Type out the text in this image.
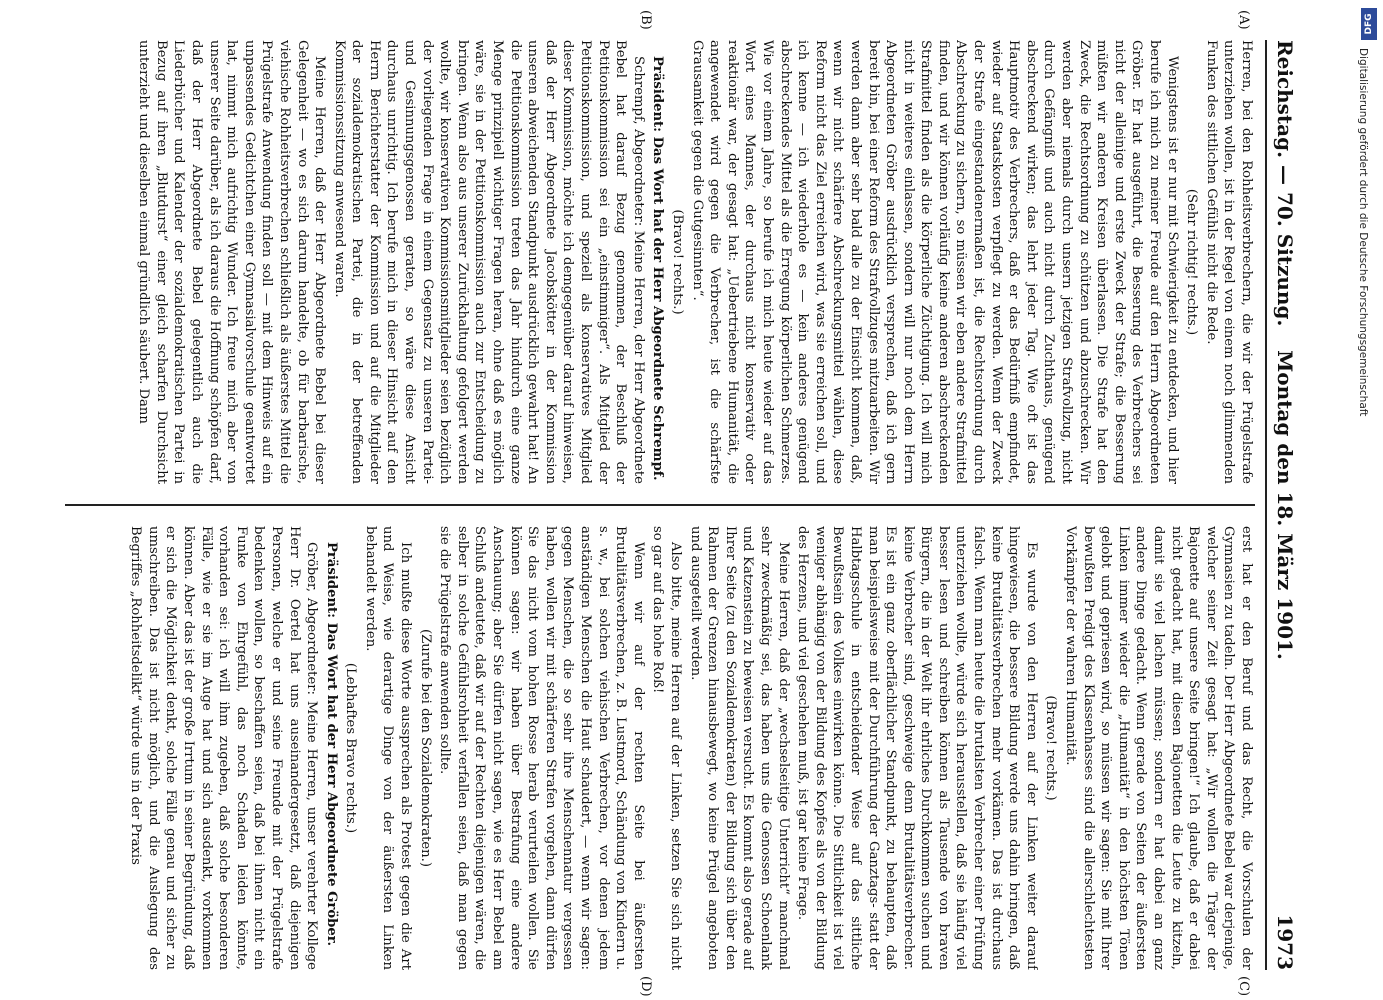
Reichstag. — 70. Sitzung.
Montag den 18. März 1901.
1973
(A)
(B)
(C)
(D)

Herren, bei den Rohheitsverbrechern, die wir der Prügelstrafe unterziehen wollen, ist in der Regel von einem noch glimmenden Funken des sittlichen Gefühls nicht die Rede.

(Sehr richtig! rechts.)

Wenigstens ist er nur mit Schwierigkeit zu entdecken, und hier berufe ich mich zu meiner Freude auf den Herrn Abgeordneten Gröber. Er hat ausgeführt, die Besserung des Verbrechers sei nicht der alleinige und erste Zweck der Strafe; die Besserung müßten wir anderen Kreisen überlassen. Die Strafe hat den Zweck, die Rechtsordnung zu schützen und abzuschrecken. Wir werden aber niemals durch unsern jetzigen Strafvollzug, nicht durch Gefängniß und auch nicht durch Zuchthaus, genügend abschreckend wirken; das lehrt jeder Tag. Wie oft ist das Hauptmotiv des Verbrechers, daß er das Bedürfniß empfindet, wieder auf Staatskosten verpflegt zu werden. Wenn der Zweck der Strafe eingestandenermaßen ist, die Rechtsordnung durch Abschreckung zu sichern, so müssen wir eben andere Strafmittel finden, und wir können vorläufig keine anderen abschreckenden Strafmittel finden als die körperliche Züchtigung. Ich will mich nicht in weiteres einlassen, sondern will nur noch dem Herrn Abgeordneten Gröber ausdrücklich versprechen, daß ich gern bereit bin, bei einer Reform des Strafvollzuges mitzuarbeiten. Wir werden dann aber sehr bald alle zu der Einsicht kommen, daß, wenn wir nicht schärfere Abschreckungsmittel wählen, diese Reform nicht das Ziel erreichen wird, was sie erreichen soll, und ich kenne — ich wiederhole es — kein anderes genügend abschreckendes Mittel als die Erregung körperlichen Schmerzes. Wie vor einem Jahre, so berufe ich mich heute wieder auf das Wort eines Mannes, der durchaus nicht konservativ oder reaktionär war, der gesagt hat: „Uebertriebene Humanität, die angewendet wird gegen die Verbrecher, ist die schärfste Grausamkeit gegen die Gutgesinnten“.

(Bravo! rechts.)

Präsident: Das Wort hat der Herr Abgeordnete Schrempf.

Schrempf, Abgeordneter: Meine Herren, der Herr Abgeordnete Bebel hat darauf Bezug genommen, der Beschluß der Petitionskommission sei ein „einstimmiger“. Als Mitglied der Petitionskommission, und speziell als konservatives Mitglied dieser Kommission, möchte ich demgegenüber darauf hinweisen, daß der Herr Abgeordnete Jacobskötter in der Kommission unseren abweichenden Standpunkt ausdrücklich gewahrt hat! An die Petitionskommission treten das Jahr hindurch eine ganze Menge prinzipiell wichtiger Fragen heran, ohne daß es möglich wäre, sie in der Petitionskommission auch zur Entscheidung zu bringen. Wenn also aus unserer Zurückhaltung gefolgert werden wollte, wir konservativen Kommissionsmitglieder seien bezüglich der vorliegenden Frage in einem Gegensatz zu unseren Partei- und Gesinnungsgenossen geraten, so wäre diese Ansicht durchaus unrichtig. Ich berufe mich in dieser Hinsicht auf den Herrn Berichterstatter der Kommission und auf die Mitglieder der sozialdemokratischen Partei, die in der betreffenden Kommissionssitzung anwesend waren.

Meine Herren, daß der Herr Abgeordnete Bebel bei dieser Gelegenheit — wo es sich darum handelte, ob für barbarische, viehische Rohheitsverbrechen schließlich als äußerstes Mittel die Prügelstrafe Anwendung finden soll — mit dem Hinweis auf ein unpassendes Gedichtchen einer Gymnasialvorschule geantwortet hat, nimmt mich aufrichtig Wunder. Ich freue mich aber von unserer Seite darüber, als ich daraus die Hoffnung schöpfen darf, daß der Herr Abgeordnete Bebel gelegentlich auch die Liederbücher und Kalender der sozialdemokratischen Partei in Bezug auf ihren „Blutdurst“ einer gleich scharfen Durchsicht unterzieht und dieselben einmal gründlich säubert. Dann

erst hat er den Beruf und das Recht, die Vorschulen der Gymnasien zu tadeln. Der Herr Abgeordnete Bebel war derjenige, welcher seiner Zeit gesagt hat: „Wir wollen die Träger der Bajonette auf unsere Seite bringen!“ Ich glaube, daß er dabei nicht gedacht hat, mit diesen Bajonetten die Leute zu kitzeln, damit sie viel lachen müssen; sondern er hat dabei an ganz andere Dinge gedacht. Wenn gerade von Seiten der äußersten Linken immer wieder die „Humanität“ in den höchsten Tönen gelobt und gepriesen wird, so müssen wir sagen: Sie mit Ihrer bewußten Predigt des Klassenhasses sind die allerschlechtesten Vorkämpfer der wahren Humanität.

(Bravo! rechts.)

Es wurde von den Herren auf der Linken weiter darauf hingewiesen, die bessere Bildung werde uns dahin bringen, daß keine Brutalitätsverbrechen mehr vorkämen. Das ist durchaus falsch. Wenn man heute die brutalsten Verbrecher einer Prüfung unterziehen wollte, würde sich herausstellen, daß sie häufig viel besser lesen und schreiben können als Tausende von braven Bürgern, die in der Welt ihr ehrliches Durchkommen suchen und keine Verbrecher sind, geschweige denn Brutalitätsverbrecher. Es ist ein ganz oberflächlicher Standpunkt, zu behaupten, daß man beispielsweise mit der Durchführung der Ganztags- statt der Halbtagsschule in entscheidender Weise auf das sittliche Bewußtsein des Volkes einwirken könne. Die Sittlichkeit ist viel weniger abhängig von der Bildung des Kopfes als von der Bildung des Herzens, und viel geschehen muß, ist gar keine Frage.

Meine Herren, daß der „wechselseitige Unterricht“ manchmal sehr zweckmäßig sei, das haben uns die Genossen Schoenlank und Katzenstein zu beweisen versucht. Es kommt also gerade auf Ihrer Seite (zu den Sozialdemokraten) der Bildung sich über den Rahmen der Grenzen hinausbewegt, wo keine Prügel angeboten und ausgeteilt werden.

Also bitte, meine Herren auf der Linken, setzen Sie sich nicht so gar auf das hohe Roß!

Wenn wir auf der rechten Seite bei äußersten Brutalitätsverbrechen, z. B. Lustmord, Schändung von Kindern u. s. w., bei solchen viehischen Verbrechen, vor denen jedem anständigen Menschen die Haut schaudert, — wenn wir sagen: gegen Menschen, die so sehr ihre Menschennatur vergessen haben, wollen wir mit schärferen Strafen vorgehen, dann dürfen Sie das nicht vom hohen Rosse herab verurteilen wollen. Sie können sagen: wir haben über Bestrafung eine andere Anschauung; aber Sie dürfen nicht sagen, wie es Herr Bebel am Schluß andeutete, daß wir auf der Rechten diejenigen wären, die selber in solche Gefühlsrohheit verfallen seien, daß man gegen sie die Prügelstrafe anwenden sollte.

(Zurufe bei den Sozialdemokraten.)

Ich mußte diese Worte aussprechen als Protest gegen die Art und Weise, wie derartige Dinge von der äußersten Linken behandelt werden.

(Lebhaftes Bravo rechts.)

Präsident: Das Wort hat der Herr Abgeordnete Gröber.

Gröber, Abgeordneter: Meine Herren, unser verehrter Kollege Herr Dr. Oertel hat uns auseinandergesetzt, daß diejenigen Personen, welche er und seine Freunde mit der Prügelstrafe bedenken wollen, so beschaffen seien, daß bei ihnen nicht ein Funke von Ehrgefühl, das noch Schaden leiden könnte, vorhanden sei: ich will ihm zugeben, daß solche besonderen Fälle, wie er sie im Auge hat und sich ausdenkt, vorkommen können. Aber das ist der große Irrtum in seiner Begründung, daß er sich die Möglichkeit denkt, solche Fälle genau und sicher zu umschreiben. Das ist nicht möglich, und die Auslegung des Begriffes „Rohheitsdelikt“ würde uns in der Praxis

DFG
Digitalisierung gefördert durch die Deutsche Forschungsgemeinschaft
